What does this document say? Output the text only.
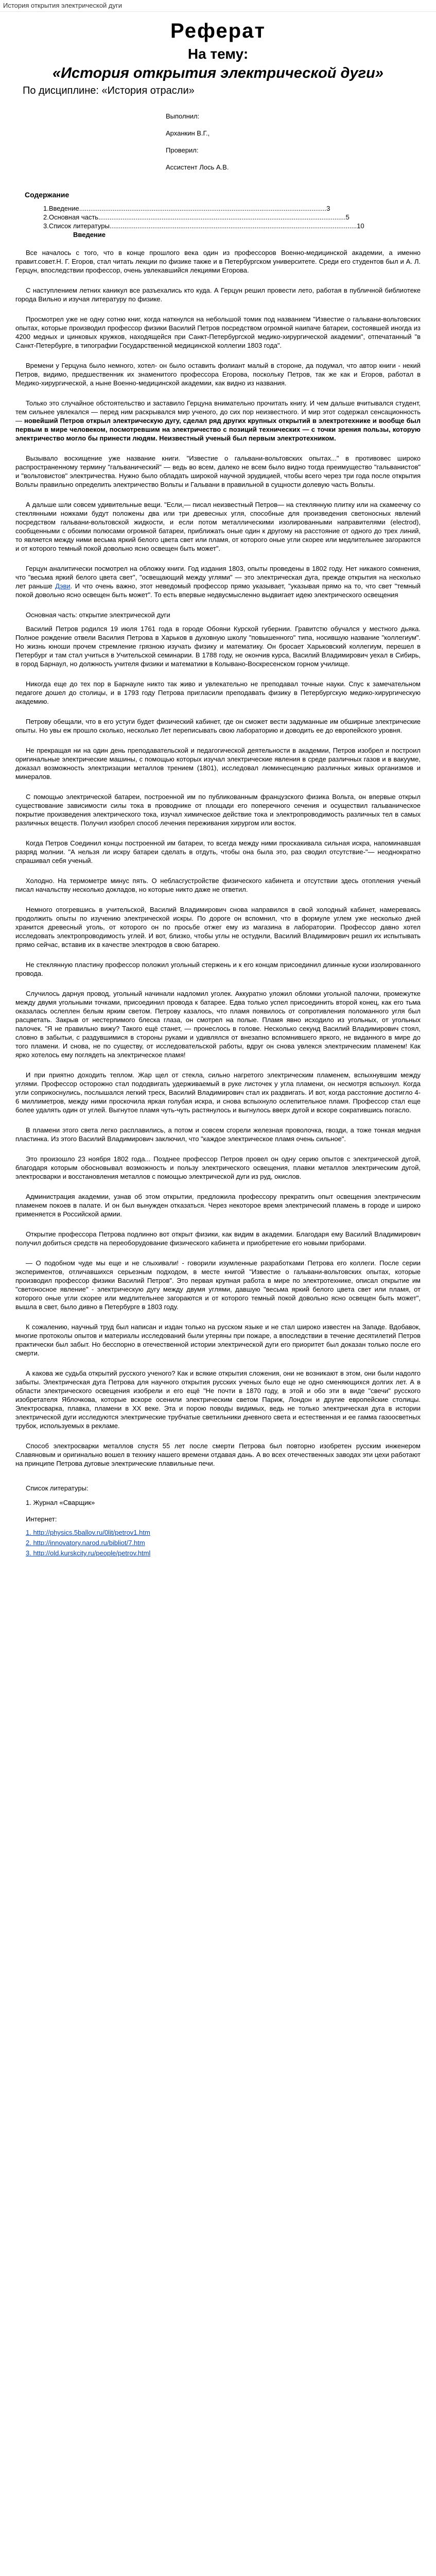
История открытия электрической дуги
Реферат

На тему:

«История открытия электрической дуги»

По дисциплине: «История отрасли»

Выполнил:
Арханкин В.Г.,
Проверил:
Ассистент Лось А.В.
Содержание
1. Введение ..................................................................................................................................... 3
2. Основная часть ..................................................................................................................................... 5
3. Список литературы ..................................................................................................................................... 10
Введение

Все началось с того, что в конце прошлого века один из профессоров Военно-медицинской академии, а именно правит.совет.Н. Г. Егоров, стал читать лекции по физике также и в Петербургском университете. Среди его студентов был и А. Л. Герцун, впоследствии профессор, очень увлекавшийся лекциями Егорова.

С наступлением летних каникул все разъехались кто куда. А Герцун решил провести лето, работая в публичной библиотеке города Вильно и изучая литературу по физике.

Просмотрел уже не одну сотню книг, когда наткнулся на небольшой томик под названием "Известие о гальвани-вольтовских опытах, которые производил профессор физики Василий Петров посредством огромной наипаче батареи, состоявшей иногда из 4200 медных и цинковых кружков, находящейся при Санкт-Петербургской медико-хирургической академии", отпечатанный "в Санкт-Петербурге, в типографии Государственной медицинской коллегии 1803 года".

Времени у Герцуна было немного, хотел- он было оставить фолиант малый в стороне, да подумал, что автор книги - некий Петров, видимо, предшественник их знаменитого профессора Егорова, поскольку Петров, так же как и Егоров, работал в Медико-хирургической, а ныне Военно-медицинской академии, как видно из названия.

Только это случайное обстоятельство и заставило Герцуна внимательно прочитать книгу. И чем дальше вчитывался студент, тем сильнее увлекался — перед ним раскрывался мир ученого, до сих пор неизвестного. И мир этот содержал сенсационность — новейший Петров открыл электрическую дугу, сделал ряд других крупных открытий в электротехнике и вообще был первым в мире человеком, посмотревшим на электричество с позиций технических — с точки зрения пользы, которую электричество могло бы принести людям. Неизвестный ученый был первым электротехником.

Вызывало восхищение уже название книги. "Известие о гальвани-вольтовских опытах..." в противовес широко распространенному термину "гальванический" — ведь во всем, далеко не всем было видно тогда преимущество "гальванистов" и "вольтовистов" электричества. Нужно было обладать широкой научной эрудицией, чтобы всего через три года после открытия Вольты правильно определить электричество Вольты и Гальвани в правильной в сущности долевую часть Вольты.

А дальше шли совсем удивительные вещи. "Если,— писал неизвестный Петров— на стеклянную плитку или на скамеечку со стеклянными ножками будут положены два или три древесных угля, способные для произведения светоносных явлений посредством гальвани-вольтовской жидкости, и если потом металлическими изолированными направителями (electrod), сообщенными с обоими полюсами огромной батареи, приближать оные один к другому на расстояние от одного до трех линий, то является между ними весьма яркий белого цвета свет или пламя, от которого оные угли скорее или медлительнее загораются и от которого темный покой довольно ясно освещен быть может".

Герцун аналитически посмотрел на обложку книги. Год издания 1803, опыты проведены в 1802 году. Нет никакого сомнения, что "весьма яркий белого цвета свет", "освещающий между углями" — это электрическая дуга, прежде открытия на несколько лет раньше Дэви. И что очень важно, этот неведомый профессор прямо указывает, "указывая прямо на то, что свет "темный покой довольно ясно освещен быть может". То есть впервые недвусмысленно выдвигает идею электрического освещения

Основная часть: открытие электрической дуги

Василий Петров родился 19 июля 1761 года в городе Обояни Курской губернии. Гравитстю обучался у местного дьяка. Полное рождение отвели Василия Петрова в Харьков в духовную школу "повышенного" типа, носившую название "коллегиум". Но жизнь юноши прочем стремление грязною изучать физику и математику. Он бросает Харьковский коллегиум, перешел в Петербург и там стал учиться в Учительской семинарии. В 1788 году, не окончив курса, Василий Владимирович уехал в Сибирь, в город Барнаул, но должность учителя физики и математики в Колывано-Воскресенском горном училище.

Никогда еще до тех пор в Барнауле никто так живо и увлекательно не преподавал точные науки. Спус к замечательном педагоге дошел до столицы, и в 1793 году Петрова пригласили преподавать физику в Петербургскую медико-хирургическую академию.

Петрову обещали, что в его устуги будет физический кабинет, где он сможет вести задуманные им обширные электрические опыты. Но увы еж прошло сколько, несколько Лет переписывать свою лабораторию и доводить ее до европейского уровня.

Не прекращая ни на один день преподавательской и педагогической деятельности в академии, Петров изобрел и построил оригинальные электрические машины, с помощью которых изучал электрические явления в среде различных газов и в вакууме, доказал возможность электризации металлов трением (1801), исследовал люминесценцию различных живых организмов и минералов.

С помощью электрической батареи, построенной им по публикованным французского физика Вольта, он впервые открыл существование зависимости силы тока в проводнике от площади его поперечного сечения и осуществил гальваническое покрытие произведения электрического тока, изучал химическое действие тока и электропроводимость различных тел в самых различных веществ. Получил изобрел способ лечения переживания хирургом или восток.

Когда Петров Соединил концы построенной им батареи, то всегда между ними проскакивала сильная искра, напоминавшая разряд молнии. "А нельзя ли искру батареи сделать в отдуть, чтобы она была это, раз сводил отсутствие-"— неоднократно спрашивал себя ученый.

Холодно. На термометре минус пять. О небласгустройстве физического кабинета и отсутствии здесь отопления ученый писал начальству несколько докладов, но которые никто даже не ответил.

Немного отогревшись в учительской, Василий Владимирович снова направился в свой холодный кабинет, намереваясь продолжить опыты по изучению электрической искры. По дороге он вспомнил, что в формуле углем уже несколько дней хранится древесный уголь, от которого он по просьбе отжег ему из магазина в лаборатории. Профессор давно хотел исследовать электропроводимость углей. И вот, близко, чтобы углы не остуднли, Василий Владимирович решил их испытывать прямо сейчас, вставив их в качестве электродов в свою батарею.

Не стеклянную пластину профессор положил угольный стержень и к его концам присоединил длинные куски изолированного провода.

Случилось дарнуя провод, угольный начинали надломил уголек. Аккуратно уложил обломки угольной палочки, промежутке между двумя угольными точками, присоединил провода к батарее. Едва только успел присоединить второй конец, как его тьма оказалась ослеплен белым ярким светом. Петрову казалось, что пламя появилось от сопротивления поломанного угля был расцветать. Закрыв от нестерпимого блеска глаза, он смотрел на полые. Пламя явно исходило из угольных, от угольных палочек. "Я не правильно вижу? Такого ещё станет, — пронеслось в голове. Несколько секунд Василий Владимирович стоял, словно в забытьи, с раздувшимися в стороны руками и удивлялся от внезапно вспомнившего яркого, не виданного в мире до того пламени. И снова, не по существу, от исследовательской работы, вдруг он снова увлекся электрическим пламенем! Как ярко хотелось ему поглядеть на электрическое пламя!

И при приятно доходить теплом. Жар щел от стекла, сильно нагретого электрическим пламенем, вспыхнувшим между углями. Профессор осторожно стал пододвигать удерживаемый в руке листочек у угла пламени, он несмотря вспыхнул. Когда угли соприкоснулись, послышался легкий треск, Василий Владимирович стал их раздвигать. И вот, когда расстояние достигло 4-6 миллиметров, между ними проскочила яркая голубая искра, и снова вспыхнуло ослепительное пламя. Профессор стал еще более удалять один от углей. Выгнутое пламя чуть-чуть растянулось и выгнулось вверх дугой и вскоре сократившись погасло.

В пламени этого света легко расплавились, а потом и совсем сгорели железная проволочка, гвозди, а тоже тонкая медная пластинка. Из этого Василий Владимирович заключил, что "каждое электрическое пламя очень сильное".

Это произошло 23 ноября 1802 года... Позднее профессор Петров провел он одну серию опытов с электрической дугой, благодаря которым обосновывал возможность и пользу электрического освещения, плавки металлов электрическим дугой, электросварки и восстановления металлов с помощью электрической дуги из руд, окислов.

Администрация академии, узнав об этом открытии, предложила профессору прекратить опыт освещения электрическим пламенем покоев в палате. И он был вынужден отказаться. Через некоторое время электрический пламень в городе и широко применяется в Российской армии.

Открытие профессора Петрова подлинно вот открыт физики, как видим в академии. Благодаря ему Василий Владимирович получил добиться средств на переоборудование физического кабинета и приобретение его новыми приборами.

— О подобном чуде мы еще и не слыхивали! - говорили изумленные разработками Петрова его коллеги. После серии экспериментов, отличавшихся серьезным подходом, в месте книгой "Известие о гальвани-вольтовских опытах, которые производил профессор физики Василий Петров". Это первая крупная работа в мире по электротехнике, описал открытие им "светоносное явление" - электрическую дугу между двумя углями, давшую "весьма яркий белого цвета свет или пламя, от которого оные угли скорее или медлительнее загораются и от которого темный покой довольно ясно освещен быть может", вышла в свет, было дивно в Петербурге в 1803 году.

К сожалению, научный труд был написан и издан только на русском языке и не стал широко известен на Западе. Вдобавок, многие протоколы опытов и материалы исследований были утеряны при пожаре, а впоследствии в течение десятилетий Петров практически был забыт. Но бесспорно в отечественной истории электрической дуги его приоритет был доказан только после его смерти.

А какова же судьба открытий русского ученого? Как и всякие открытия сложения, они не возникают в этом, они были надолго забыты. Электрическая дуга Петрова для научного открытия русских ученых было еще не одно сменяющихся долгих лет. А в области электрического освещения изобрели и его ещё "Не почти в 1870 году, в этой и обо эти в виде "свечи" русского изобретателя Яблочкова, которые вскоре осенили электрическим светом Париж, Лондон и другие европейские столицы. Электросварка, плавка, пламени в XX веке. Эта и порою поводы видимых, ведь не только электрическая дуга в истории электрической дуги исследуются электрические трубчатые светильники дневного света и естественная и ее гамма газоосветных трубок, используемых в рекламе.

Способ электросварки металлов спустя 55 лет после смерти Петрова был повторно изобретен русским инженером Славяновым и оригинально вошел в технику нашего времени отдавая дань. А во всех отечественных заводах эти цехи работают на принципе Петрова дуговые электрические плавильные печи.

Список литературы:
1. Журнал «Сварщик»
Интернет:
1. http://physics.5ballov.ru/0lit/petrov1.htm
2. http://innovatory.narod.ru/bibliot/7.htm
3. http://old.kurskcity.ru/people/petrov.html
